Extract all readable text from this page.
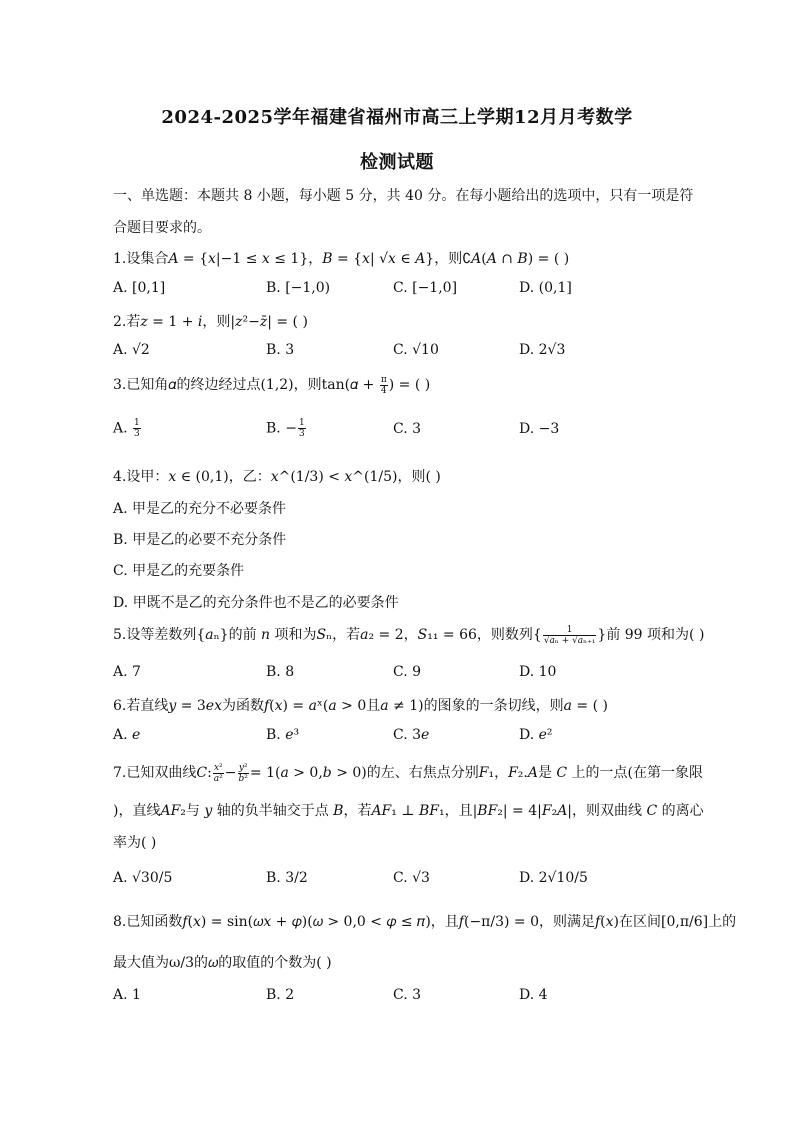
2024-2025学年福建省福州市高三上学期12月月考数学
检测试题
一、单选题：本题共 8 小题，每小题 5 分，共 40 分。在每小题给出的选项中，只有一项是符
合题目要求的。
1.设集合𝐴 = {𝑥|−1 ≤ 𝑥 ≤ 1}，𝐵 = {𝑥| √𝑥 ∈ 𝐴}，则∁𝐴(𝐴 ∩ 𝐵) = ( )
A. [0,1]	B. [−1,0)	C. [−1,0]	D. (0,1]
2.若𝑧 = 1 + 𝑖，则|𝑧²−𝑧̄| = ( )
A. √2	B. 3	C. √10	D. 2√3
3.已知角𝛼的终边经过点(1,2)，则tan(𝛼 + $\frac{\pi}{4}$ ) = ( )
A. $\frac{1}{3}$	B. − $\frac{1}{3}$	C. 3	D. −3
4.设甲：𝑥 ∈ (0,1)，乙：𝑥^(1/3) < 𝑥^(1/5)，则( )
A. 甲是乙的充分不必要条件
B. 甲是乙的必要不充分条件
C. 甲是乙的充要条件
D. 甲既不是乙的充分条件也不是乙的必要条件
5.设等差数列{𝑎ₙ}的前 𝑛 项和为𝑆ₙ，若𝑎₂ = 2，𝑆₁₁ = 66，则数列{ $\frac{1}{\text{√𝑎ₙ + √𝑎ₙ₊₁}}$ }前 99 项和为( )
A. 7	B. 8	C. 9	D. 10
6.若直线𝑦 = 3𝑒𝑥为函数𝑓(𝑥) = 𝑎ˣ(𝑎 > 0且𝑎 ≠ 1)的图象的一条切线，则𝑎 = ( )
A. 𝑒	B. 𝑒³	C. 3𝑒	D. 𝑒²
7.已知双曲线𝐶: $\frac{\text{𝑥²}}{\text{𝑎²}} - \frac{\text{𝑦²}}{\text{𝑏²}}$ = 1(𝑎 > 0,𝑏 > 0)的左、右焦点分别𝐹₁，𝐹₂.𝐴是 𝐶 上的一点(在第一象限
)，直线𝐴𝐹₂与 𝑦 轴的负半轴交于点 𝐵，若𝐴𝐹₁ ⊥ 𝐵𝐹₁，且|𝐵𝐹₂| = 4|𝐹₂𝐴|，则双曲线 𝐶 的离心
率为( )
A. √30/5	B. 3/2	C. √3	D. 2√10/5
8.已知函数𝑓(𝑥) = sin(𝜔𝑥 + 𝜑)(𝜔 > 0,0 < 𝜑 ≤ 𝜋)，且𝑓(−π/3) = 0，则满足𝑓(𝑥)在区间[0,π/6]上的
最大值为ω/3的𝜔的取值的个数为( )
A. 1	B. 2	C. 3	D. 4
